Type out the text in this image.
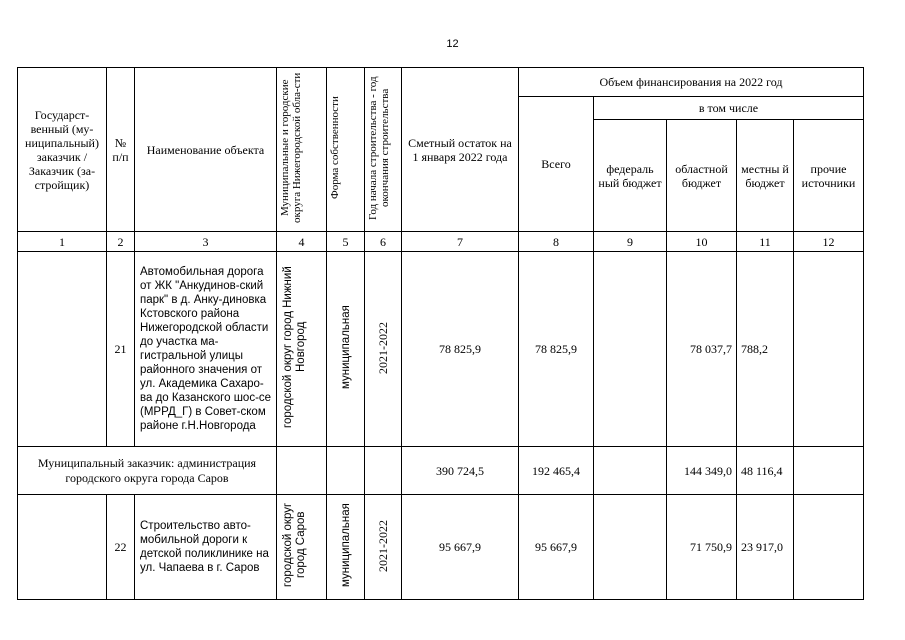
12
Государст-венный (му-ниципальный) заказчик / Заказчик (за-стройщик)	№ п/п	Наименование объекта	Муниципальные и городские округа Нижегородской обла-сти	Форма собственности	Год начала строительства - год окончания строительства	Сметный остаток на 1 января 2022 года	Объем финансирования на 2022 год				
							Всего	в том числе			
								федераль ный бюджет	областной бюджет	местны й бюджет	прочие источники
1	2	3	4	5	6	7	8	9	10	11	12
	21	Автомобильная дорога от ЖК "Анкудинов-ский парк" в д. Анку-диновка Кстовского района Нижегородской области до участка ма-гистральной улицы районного значения от ул. Академика Сахаро-ва до Казанского шос-се (МРРД_Г) в Совет-ском районе г.Н.Новгорода	городской округ город Нижний Новгород	муниципальная	2021-2022	78 825,9	78 825,9		78 037,7	788,2	
Муниципальный заказчик: администрация городского округа города Саров						390 724,5	192 465,4		144 349,0	48 116,4	
	22	Строительство авто-мобильной дороги к детской поликлинике на ул. Чапаева в г. Саров	городской округ город Саров	муниципальная	2021-2022	95 667,9	95 667,9		71 750,9	23 917,0	
